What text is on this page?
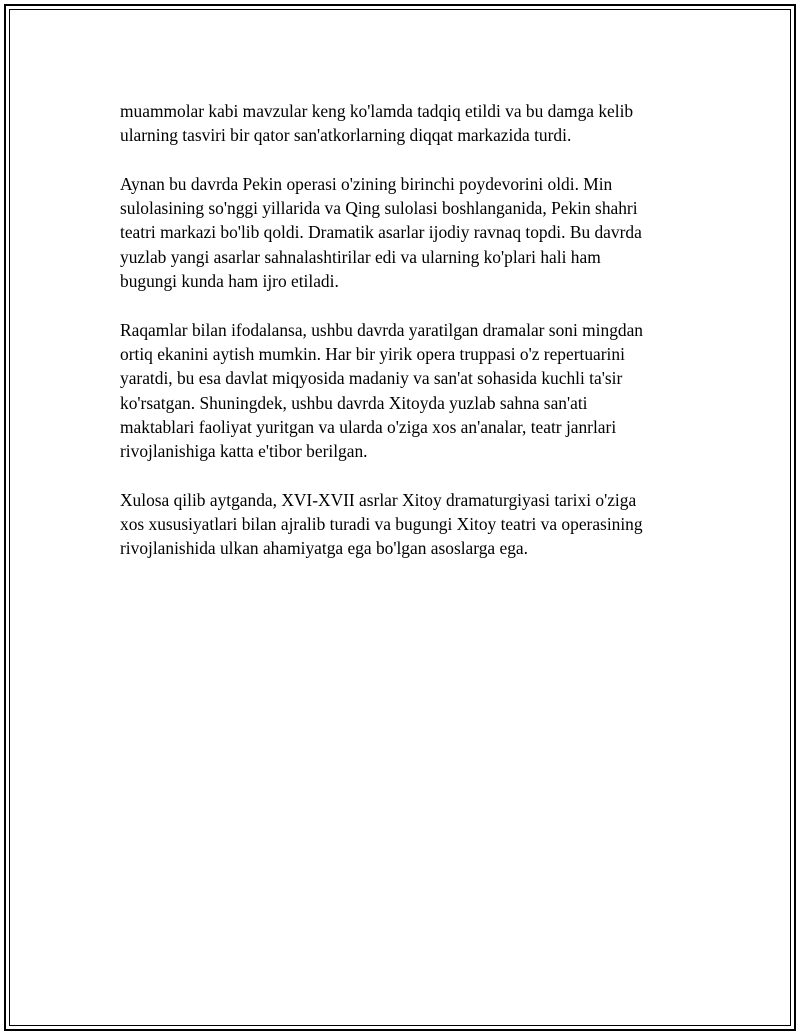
muammolar kabi mavzular keng ko'lamda tadqiq etildi va bu damga kelib
ularning tasviri bir qator san'atkorlarning diqqat markazida turdi.

Aynan bu davrda Pekin operasi o'zining birinchi poydevorini oldi. Min
sulolasining so'nggi yillarida va Qing sulolasi boshlanganida, Pekin shahri
teatri markazi bo'lib qoldi. Dramatik asarlar ijodiy ravnaq topdi. Bu davrda
yuzlab yangi asarlar sahnalashtirilar edi va ularning ko'plari hali ham
bugungi kunda ham ijro etiladi.

Raqamlar bilan ifodalansa, ushbu davrda yaratilgan dramalar soni mingdan
ortiq ekanini aytish mumkin. Har bir yirik opera truppasi o'z repertuarini
yaratdi, bu esa davlat miqyosida madaniy va san'at sohasida kuchli ta'sir
ko'rsatgan. Shuningdek, ushbu davrda Xitoyda yuzlab sahna san'ati
maktablari faoliyat yuritgan va ularda o'ziga xos an'analar, teatr janrlari
rivojlanishiga katta e'tibor berilgan.

Xulosa qilib aytganda, XVI-XVII asrlar Xitoy dramaturgiyasi tarixi o'ziga
xos xususiyatlari bilan ajralib turadi va bugungi Xitoy teatri va operasining
rivojlanishida ulkan ahamiyatga ega bo'lgan asoslarga ega.
